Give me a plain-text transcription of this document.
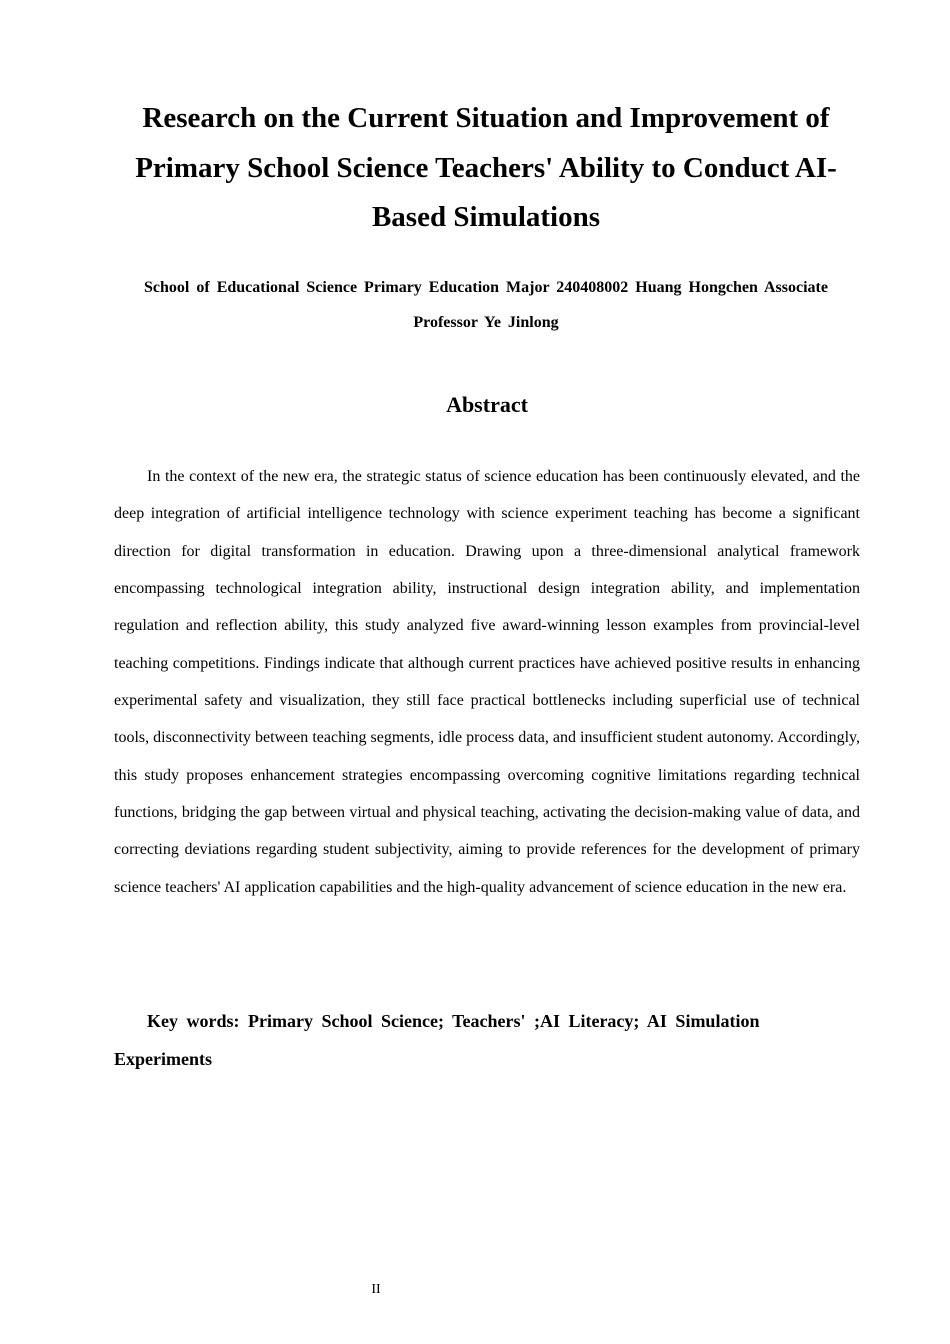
Research on the Current Situation and Improvement of Primary School Science Teachers' Ability to Conduct AI-Based Simulations

School of Educational Science Primary Education Major 240408002 Huang Hongchen Associate Professor Ye Jinlong

Abstract

In the context of the new era, the strategic status of science education has been continuously elevated, and the deep integration of artificial intelligence technology with science experiment teaching has become a significant direction for digital transformation in education. Drawing upon a three-dimensional analytical framework encompassing technological integration ability, instructional design integration ability, and implementation regulation and reflection ability, this study analyzed five award-winning lesson examples from provincial-level teaching competitions. Findings indicate that although current practices have achieved positive results in enhancing experimental safety and visualization, they still face practical bottlenecks including superficial use of technical tools, disconnectivity between teaching segments, idle process data, and insufficient student autonomy. Accordingly, this study proposes enhancement strategies encompassing overcoming cognitive limitations regarding technical functions, bridging the gap between virtual and physical teaching, activating the decision-making value of data, and correcting deviations regarding student subjectivity, aiming to provide references for the development of primary science teachers' AI application capabilities and the high-quality advancement of science education in the new era.

Key words: Primary School Science; Teachers' ;AI Literacy; AI Simulation Experiments

II
